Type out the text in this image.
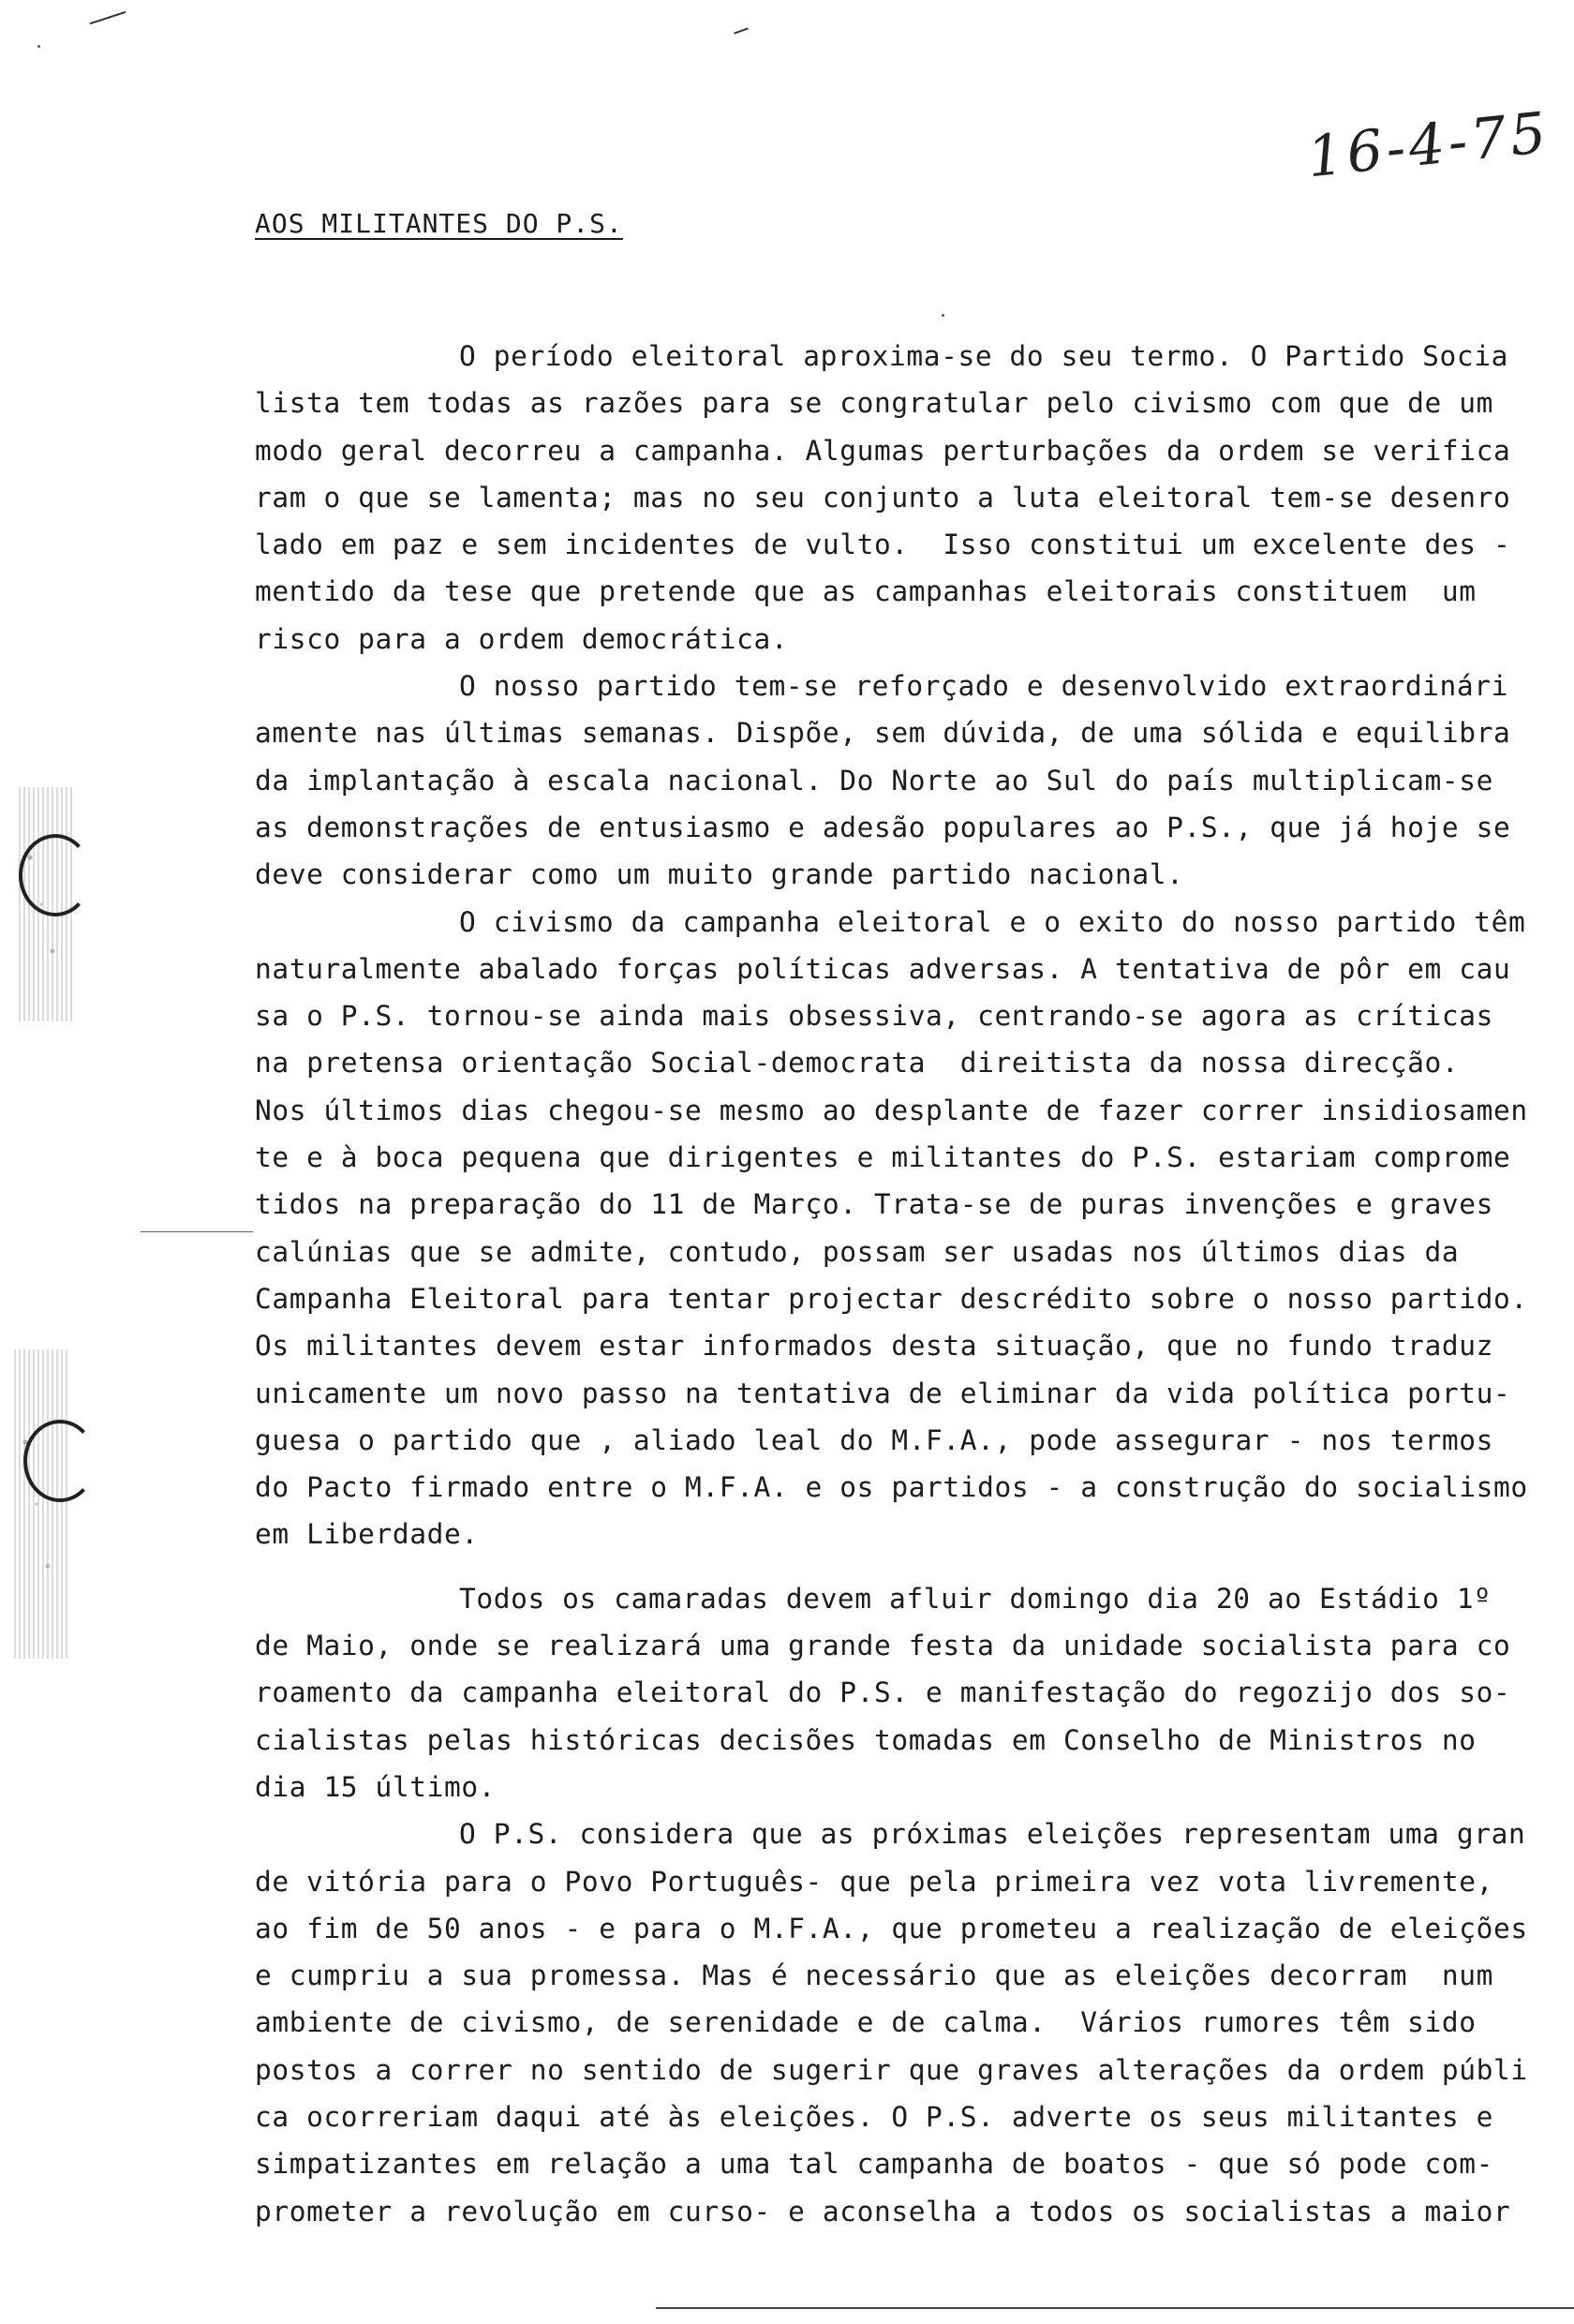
16-4-75
AOS MILITANTES DO P.S.
O período eleitoral aproxima-se do seu termo. O Partido Socia
lista tem todas as razões para se congratular pelo civismo com que de um
modo geral decorreu a campanha. Algumas perturbações da ordem se verifica
ram o que se lamenta; mas no seu conjunto a luta eleitoral tem-se desenro
lado em paz e sem incidentes de vulto.  Isso constitui um excelente des -
mentido da tese que pretende que as campanhas eleitorais constituem  um
risco para a ordem democrática.
O nosso partido tem-se reforçado e desenvolvido extraordinári
amente nas últimas semanas. Dispõe, sem dúvida, de uma sólida e equilibra
da implantação à escala nacional. Do Norte ao Sul do país multiplicam-se
as demonstrações de entusiasmo e adesão populares ao P.S., que já hoje se
deve considerar como um muito grande partido nacional.
O civismo da campanha eleitoral e o exito do nosso partido têm
naturalmente abalado forças políticas adversas. A tentativa de pôr em cau
sa o P.S. tornou-se ainda mais obsessiva, centrando-se agora as críticas
na pretensa orientação Social-democrata  direitista da nossa direcção.
Nos últimos dias chegou-se mesmo ao desplante de fazer correr insidiosamen
te e à boca pequena que dirigentes e militantes do P.S. estariam comprome
tidos na preparação do 11 de Março. Trata-se de puras invenções e graves
calúnias que se admite, contudo, possam ser usadas nos últimos dias da
Campanha Eleitoral para tentar projectar descrédito sobre o nosso partido.
Os militantes devem estar informados desta situação, que no fundo traduz
unicamente um novo passo na tentativa de eliminar da vida política portu-
guesa o partido que , aliado leal do M.F.A., pode assegurar - nos termos
do Pacto firmado entre o M.F.A. e os partidos - a construção do socialismo
em Liberdade.
Todos os camaradas devem afluir domingo dia 20 ao Estádio 1º
de Maio, onde se realizará uma grande festa da unidade socialista para co
roamento da campanha eleitoral do P.S. e manifestação do regozijo dos so-
cialistas pelas históricas decisões tomadas em Conselho de Ministros no
dia 15 último.
O P.S. considera que as próximas eleições representam uma gran
de vitória para o Povo Português- que pela primeira vez vota livremente,
ao fim de 50 anos - e para o M.F.A., que prometeu a realização de eleições
e cumpriu a sua promessa. Mas é necessário que as eleições decorram  num
ambiente de civismo, de serenidade e de calma.  Vários rumores têm sido
postos a correr no sentido de sugerir que graves alterações da ordem públi
ca ocorreriam daqui até às eleições. O P.S. adverte os seus militantes e
simpatizantes em relação a uma tal campanha de boatos - que só pode com-
prometer a revolução em curso- e aconselha a todos os socialistas a maior
